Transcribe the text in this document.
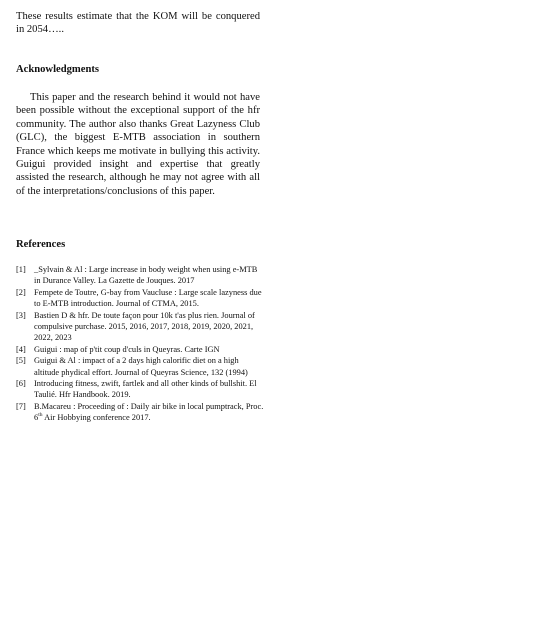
These results estimate that the KOM will be conquered in 2054…..

Acknowledgments

This paper and the research behind it would not have been possible without the exceptional support of the hfr community. The author also thanks Great Lazyness Club (GLC), the biggest E-MTB association in southern France which keeps me motivate in bullying this activity. Guigui provided insight and expertise that greatly assisted the research, although he may not agree with all of the interpretations/conclusions of this paper.

References
[1] _Sylvain & Al : Large increase in body weight when using e-MTB in Durance Valley. La Gazette de Jouques. 2017
[2] Fempete de Toutre, G-bay from Vaucluse : Large scale lazyness due to E-MTB introduction. Journal of CTMA, 2015.
[3] Bastien D & hfr. De toute façon pour 10k t'as plus rien. Journal of compulsive purchase. 2015, 2016, 2017, 2018, 2019, 2020, 2021, 2022, 2023
[4] Guigui : map of p'tit coup d'culs in Queyras. Carte IGN
[5] Guigui & Al : impact of a 2 days high calorific diet on a high altitude phydical effort. Journal of Queyras Science, 132 (1994)
[6] Introducing fitness, zwift, fartlek and all other kinds of bullshit. El Taulié. Hfr Handbook. 2019.
[7] B.Macareu : Proceeding of : Daily air bike in local pumptrack, Proc. 6th Air Hobbying conference 2017.
